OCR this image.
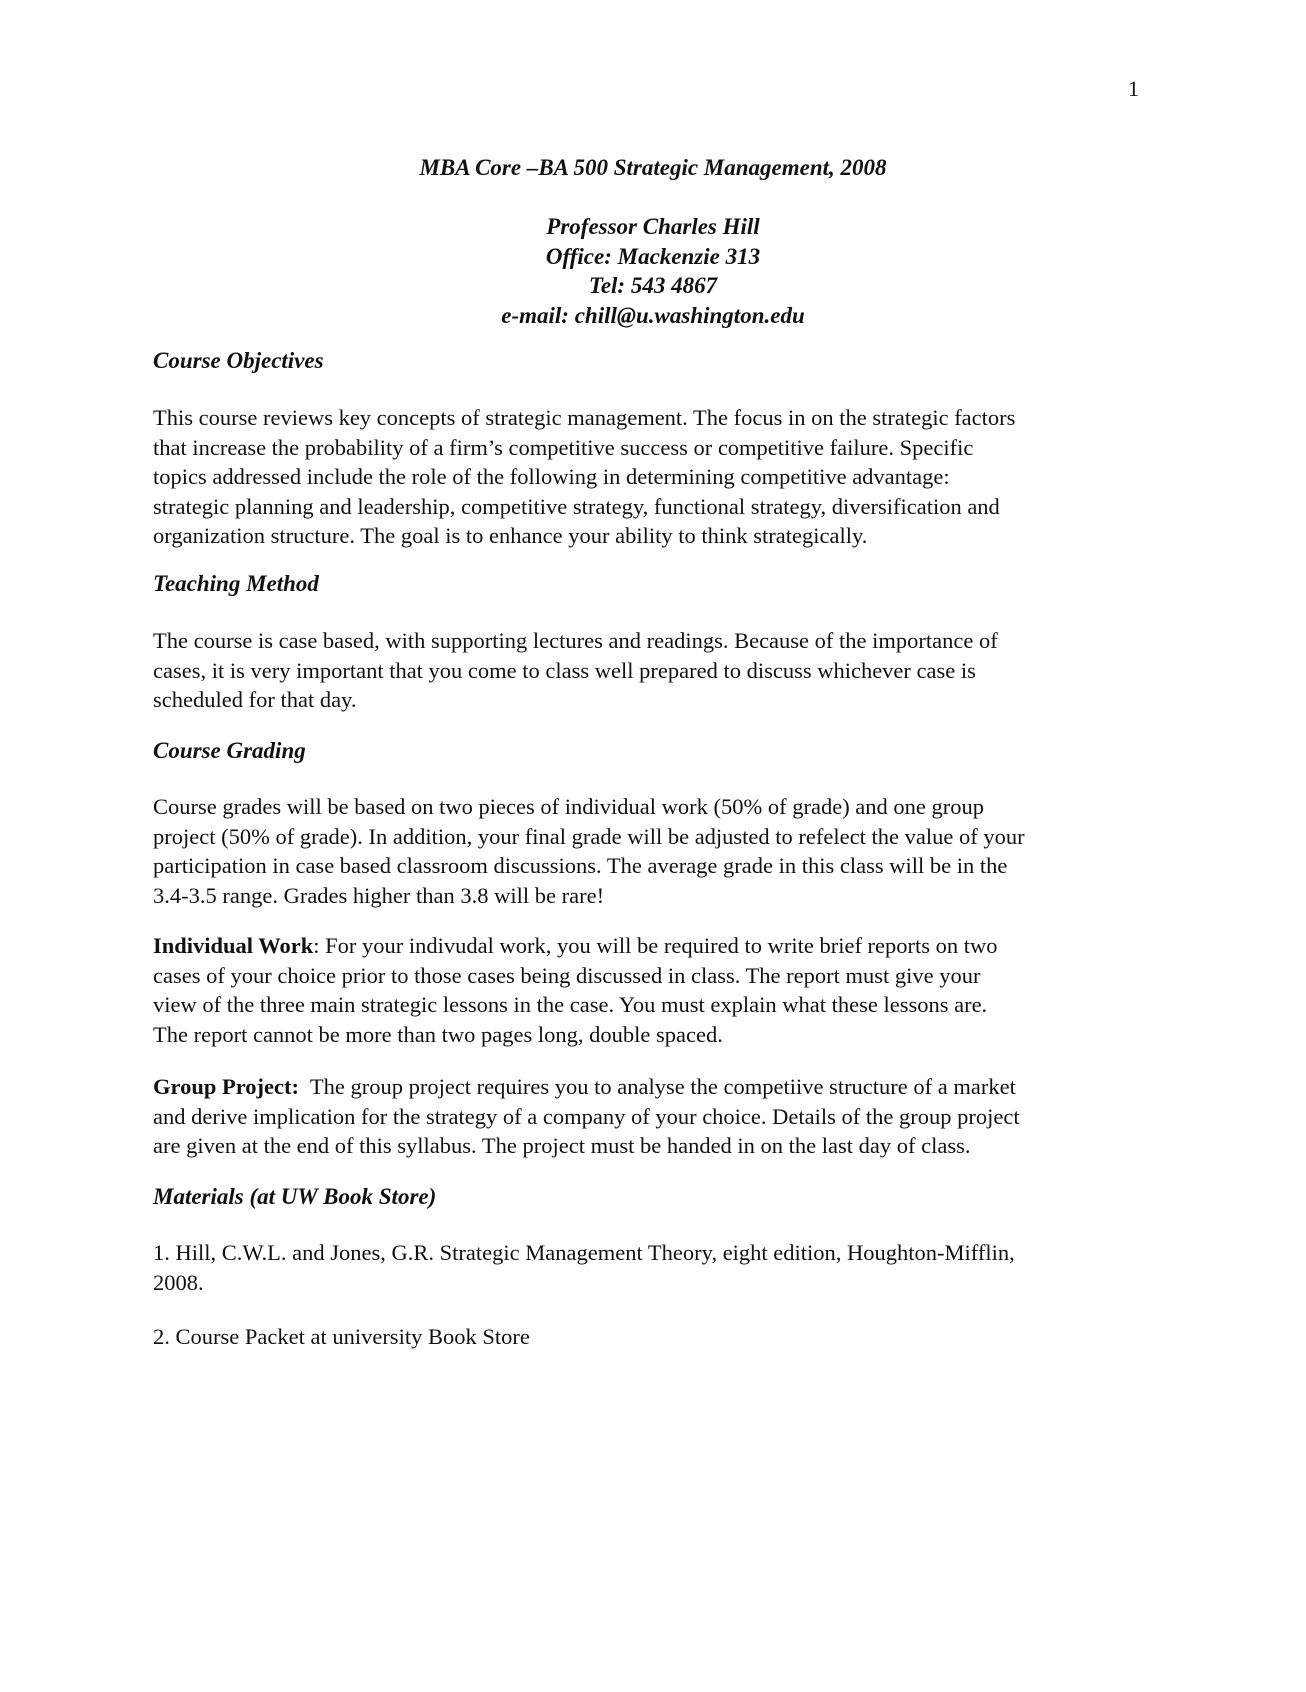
1
MBA Core –BA 500 Strategic Management, 2008
Professor Charles Hill
Office: Mackenzie 313
Tel: 543 4867
e-mail: chill@u.washington.edu
Course Objectives
This course reviews key concepts of strategic management. The focus in on the strategic factors
that increase the probability of a firm’s competitive success or competitive failure. Specific
topics addressed include the role of the following in determining competitive advantage:
strategic planning and leadership, competitive strategy, functional strategy, diversification and
organization structure. The goal is to enhance your ability to think strategically.
Teaching Method
The course is case based, with supporting lectures and readings. Because of the importance of
cases, it is very important that you come to class well prepared to discuss whichever case is
scheduled for that day.
Course Grading
Course grades will be based on two pieces of individual work (50% of grade) and one group
project (50% of grade). In addition, your final grade will be adjusted to refelect the value of your
participation in case based classroom discussions. The average grade in this class will be in the
3.4-3.5 range. Grades higher than 3.8 will be rare!
Individual Work: For your indivudal work, you will be required to write brief reports on two
cases of your choice prior to those cases being discussed in class. The report must give your
view of the three main strategic lessons in the case. You must explain what these lessons are.
The report cannot be more than two pages long, double spaced.
Group Project:  The group project requires you to analyse the competiive structure of a market
and derive implication for the strategy of a company of your choice. Details of the group project
are given at the end of this syllabus. The project must be handed in on the last day of class.
Materials (at UW Book Store)
1. Hill, C.W.L. and Jones, G.R. Strategic Management Theory, eight edition, Houghton-Mifflin,
2008.
2. Course Packet at university Book Store
